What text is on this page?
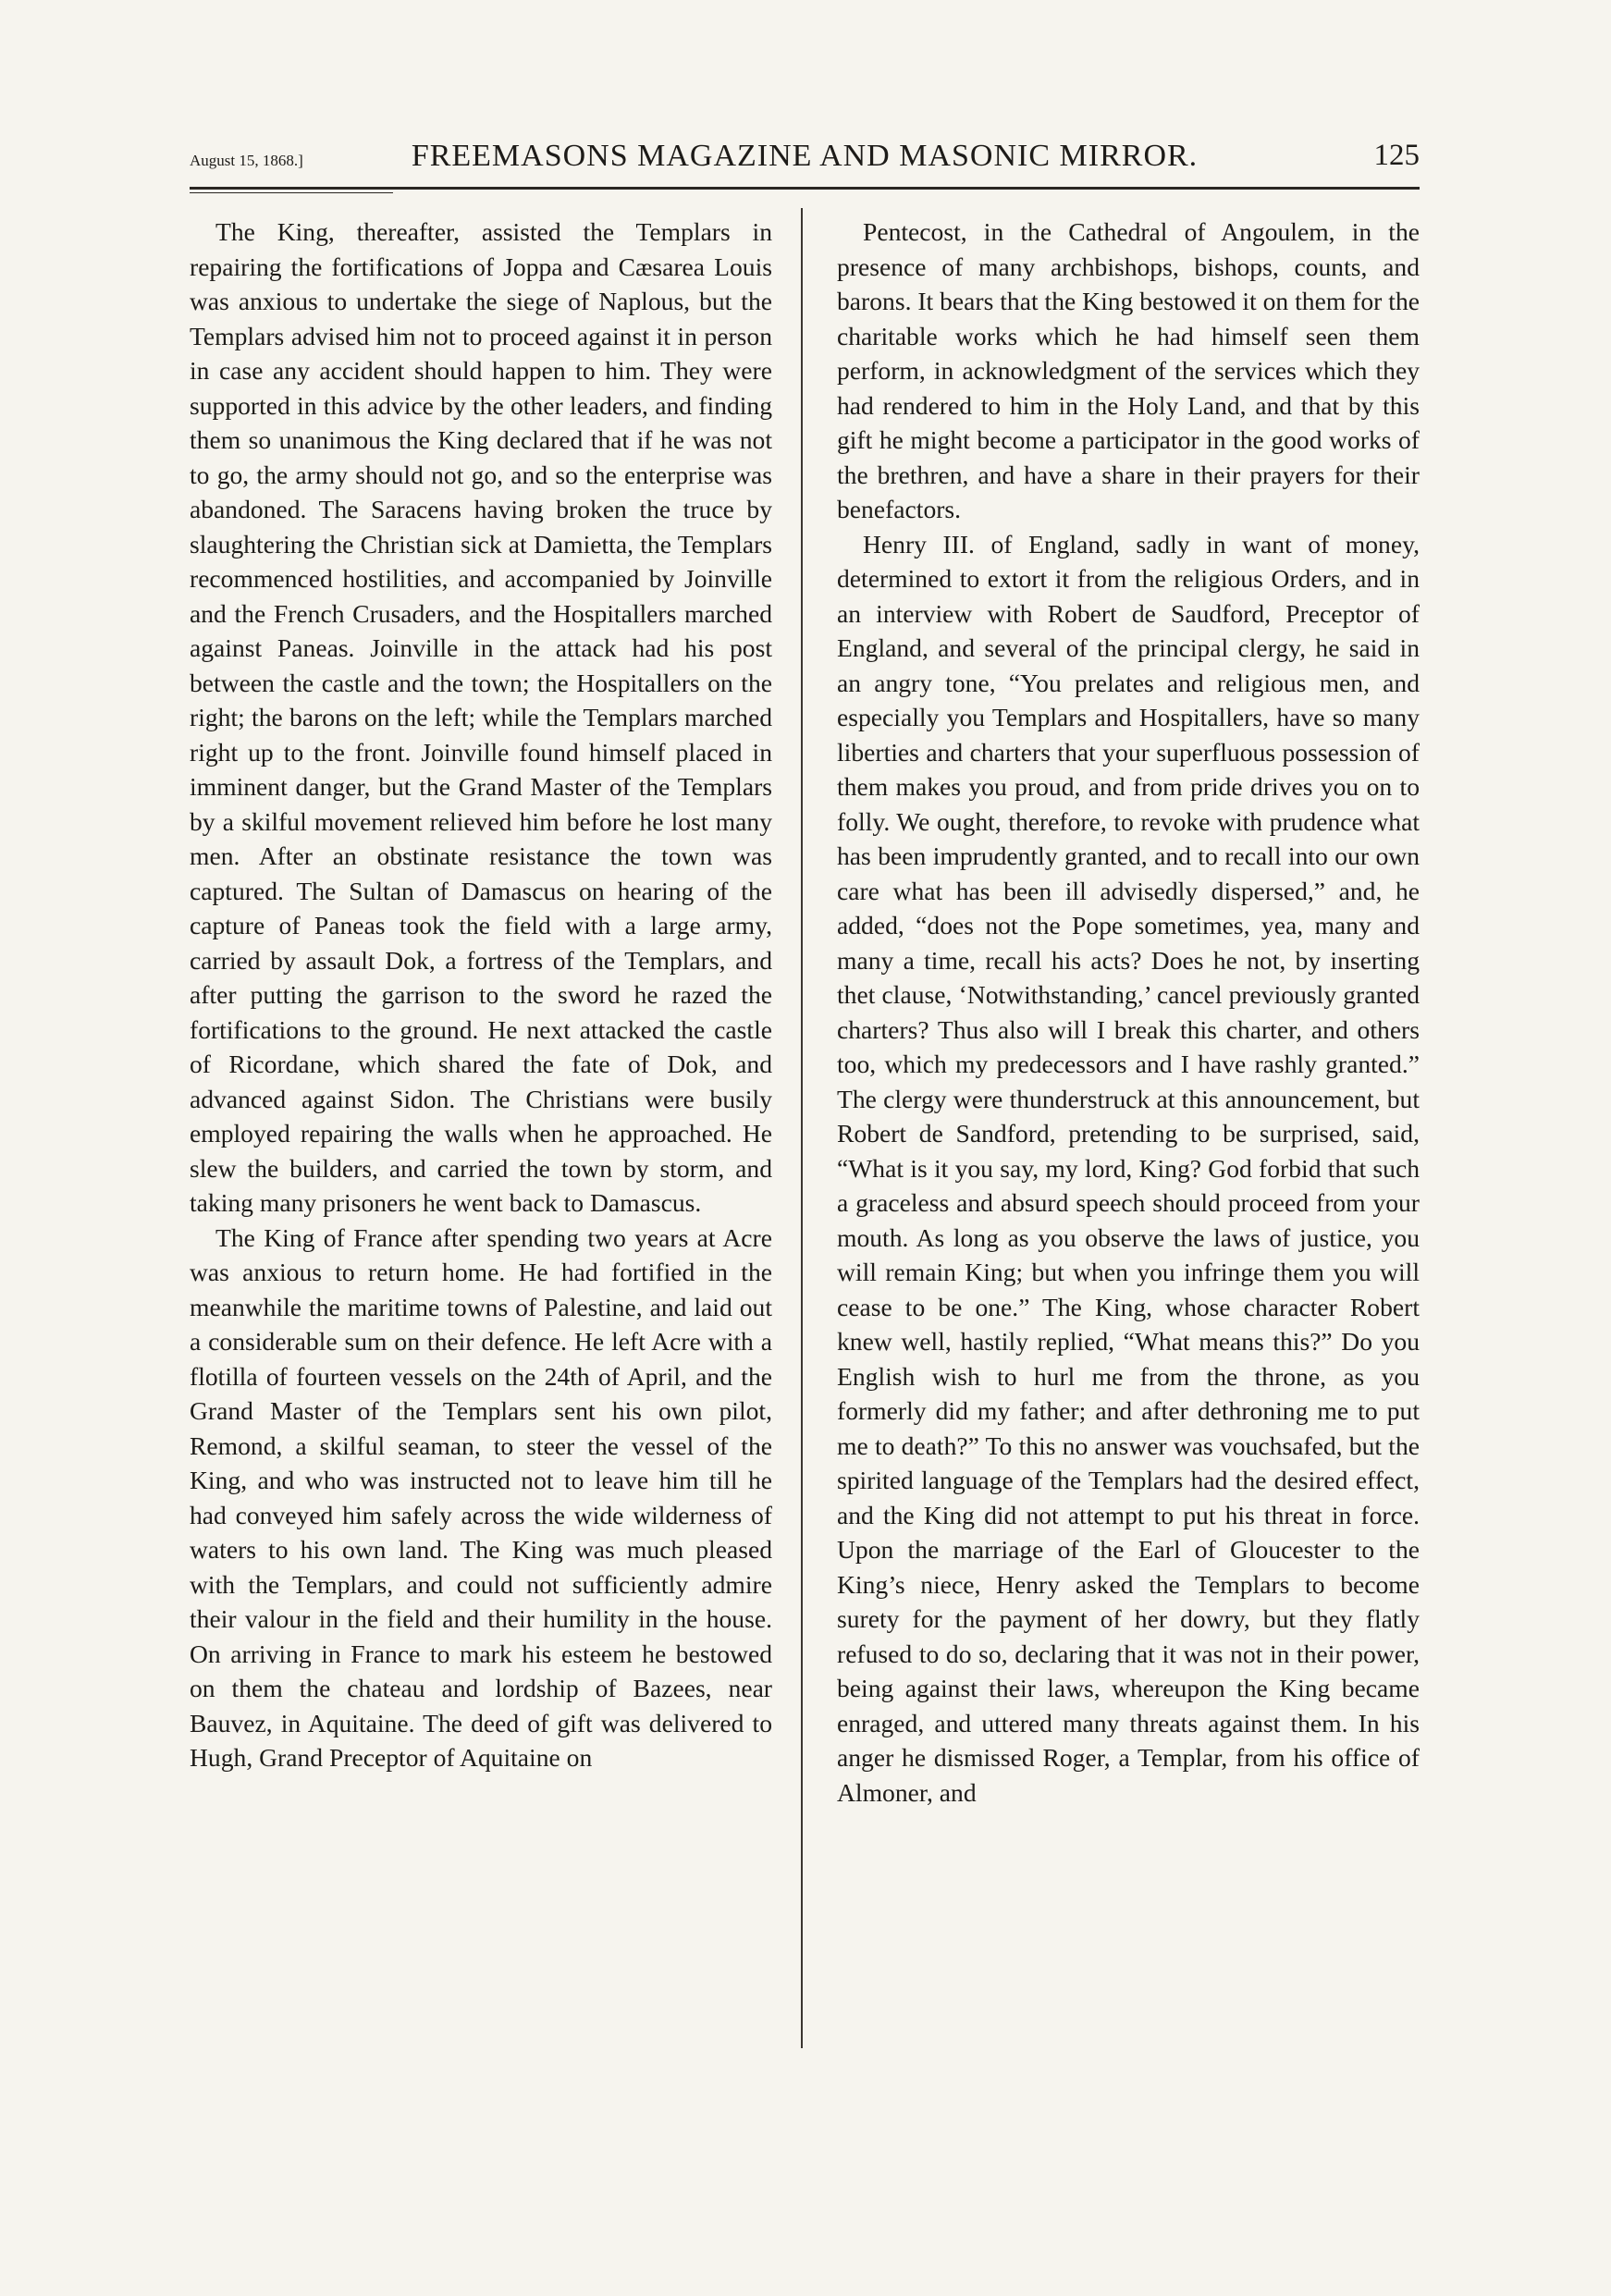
August 15, 1868.]	FREEMASONS MAGAZINE AND MASONIC MIRROR.	125

The King, thereafter, assisted the Templars in repairing the fortifications of Joppa and Cæsarea Louis was anxious to undertake the siege of Naplous, but the Templars advised him not to proceed against it in person in case any accident should happen to him. They were supported in this advice by the other leaders, and finding them so unanimous the King declared that if he was not to go, the army should not go, and so the enterprise was abandoned. The Saracens having broken the truce by slaughtering the Christian sick at Damietta, the Templars recommenced hostilities, and accompanied by Joinville and the French Crusaders, and the Hospitallers marched against Paneas. Joinville in the attack had his post between the castle and the town; the Hospitallers on the right; the barons on the left; while the Templars marched right up to the front. Joinville found himself placed in imminent danger, but the Grand Master of the Templars by a skilful movement relieved him before he lost many men. After an obstinate resistance the town was captured. The Sultan of Damascus on hearing of the capture of Paneas took the field with a large army, carried by assault Dok, a fortress of the Templars, and after putting the garrison to the sword he razed the fortifications to the ground. He next attacked the castle of Ricordane, which shared the fate of Dok, and advanced against Sidon. The Christians were busily employed repairing the walls when he approached. He slew the builders, and carried the town by storm, and taking many prisoners he went back to Damascus.

The King of France after spending two years at Acre was anxious to return home. He had fortified in the meanwhile the maritime towns of Palestine, and laid out a considerable sum on their defence. He left Acre with a flotilla of fourteen vessels on the 24th of April, and the Grand Master of the Templars sent his own pilot, Remond, a skilful seaman, to steer the vessel of the King, and who was instructed not to leave him till he had conveyed him safely across the wide wilderness of waters to his own land. The King was much pleased with the Templars, and could not sufficiently admire their valour in the field and their humility in the house. On arriving in France to mark his esteem he bestowed on them the chateau and lordship of Bazees, near Bauvez, in Aquitaine. The deed of gift was delivered to Hugh, Grand Preceptor of Aquitaine on

Pentecost, in the Cathedral of Angoulem, in the presence of many archbishops, bishops, counts, and barons. It bears that the King bestowed it on them for the charitable works which he had himself seen them perform, in acknowledgment of the services which they had rendered to him in the Holy Land, and that by this gift he might become a participator in the good works of the brethren, and have a share in their prayers for their benefactors.

Henry III. of England, sadly in want of money, determined to extort it from the religious Orders, and in an interview with Robert de Saudford, Preceptor of England, and several of the principal clergy, he said in an angry tone, “You prelates and religious men, and especially you Templars and Hospitallers, have so many liberties and charters that your superfluous possession of them makes you proud, and from pride drives you on to folly. We ought, therefore, to revoke with prudence what has been imprudently granted, and to recall into our own care what has been ill advisedly dispersed,” and, he added, “does not the Pope sometimes, yea, many and many a time, recall his acts? Does he not, by inserting thet clause, ‘Notwithstanding,’ cancel previously granted charters? Thus also will I break this charter, and others too, which my predecessors and I have rashly granted.” The clergy were thunderstruck at this announcement, but Robert de Sandford, pretending to be surprised, said, “What is it you say, my lord, King? God forbid that such a graceless and absurd speech should proceed from your mouth. As long as you observe the laws of justice, you will remain King; but when you infringe them you will cease to be one.” The King, whose character Robert knew well, hastily replied, “What means this?” Do you English wish to hurl me from the throne, as you formerly did my father; and after dethroning me to put me to death?” To this no answer was vouchsafed, but the spirited language of the Templars had the desired effect, and the King did not attempt to put his threat in force. Upon the marriage of the Earl of Gloucester to the King’s niece, Henry asked the Templars to become surety for the payment of her dowry, but they flatly refused to do so, declaring that it was not in their power, being against their laws, whereupon the King became enraged, and uttered many threats against them. In his anger he dismissed Roger, a Templar, from his office of Almoner, and
